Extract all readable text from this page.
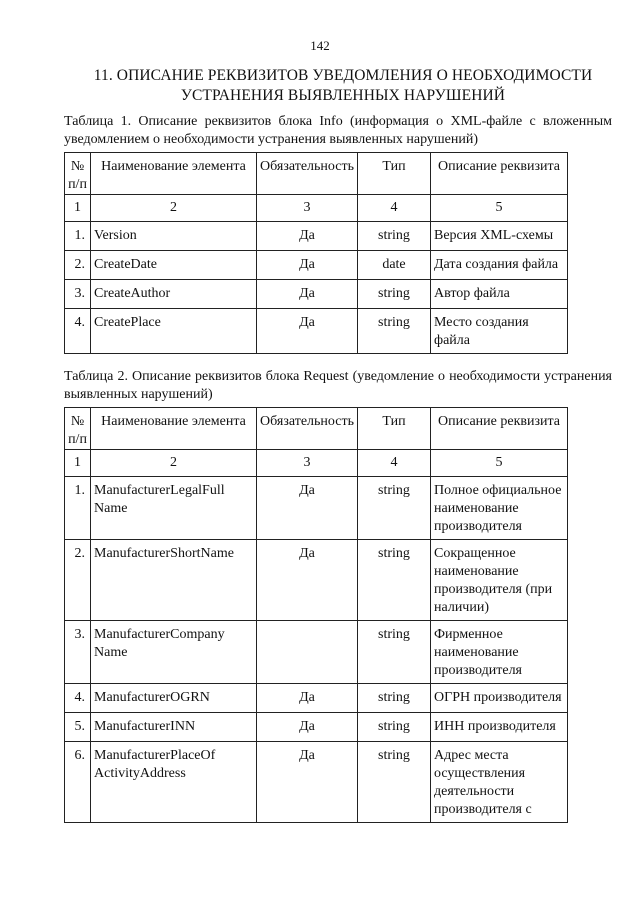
142
11. ОПИСАНИЕ РЕКВИЗИТОВ УВЕДОМЛЕНИЯ О НЕОБХОДИМОСТИ
УСТРАНЕНИЯ ВЫЯВЛЕННЫХ НАРУШЕНИЙ
Таблица 1. Описание реквизитов блока Info (информация о XML-файле с вложенным уведомлением о необходимости устранения выявленных нарушений)
№ п/п	Наименование элемента	Обязательность	Тип	Описание реквизита
1	2	3	4	5
1.	Version	Да	string	Версия XML-схемы
2.	CreateDate	Да	date	Дата создания файла
3.	CreateAuthor	Да	string	Автор файла
4.	CreatePlace	Да	string	Место создания файла
Таблица 2. Описание реквизитов блока Request (уведомление о необходимости устранения выявленных нарушений)
№ п/п	Наименование элемента	Обязательность	Тип	Описание реквизита
1	2	3	4	5
1.	ManufacturerLegalFull Name	Да	string	Полное официальное наименование производителя
2.	ManufacturerShortName	Да	string	Сокращенное наименование производителя (при наличии)
3.	ManufacturerCompany Name		string	Фирменное наименование производителя
4.	ManufacturerOGRN	Да	string	ОГРН производителя
5.	ManufacturerINN	Да	string	ИНН производителя
6.	ManufacturerPlaceOf ActivityAddress	Да	string	Адрес места осуществления деятельности производителя с
